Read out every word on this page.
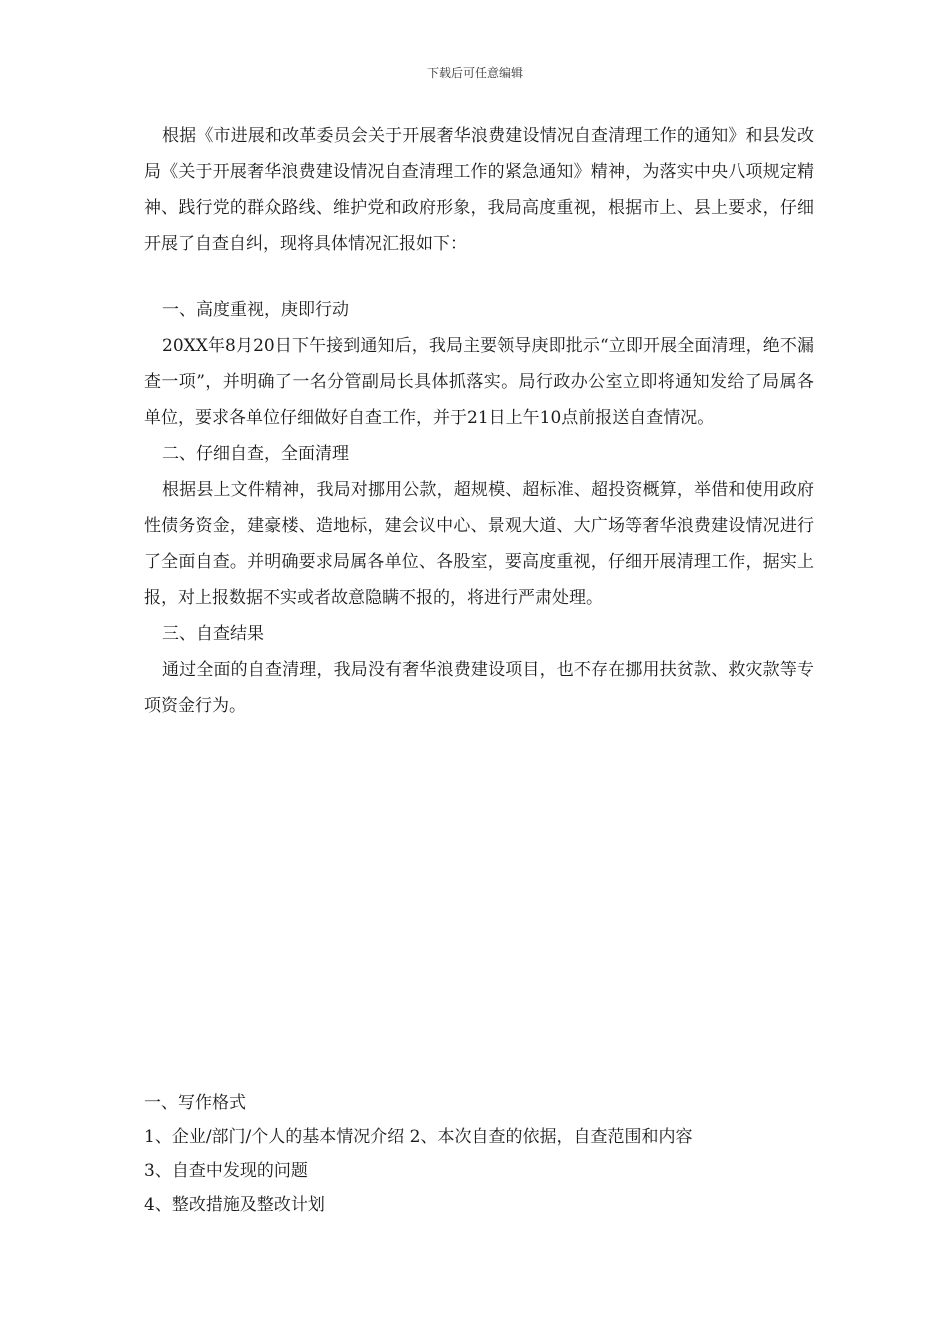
下载后可任意编辑

根据《市进展和改革委员会关于开展奢华浪费建设情况自查清理工作的通知》和县发改局《关于开展奢华浪费建设情况自查清理工作的紧急通知》精神，为落实中央八项规定精神、践行党的群众路线、维护党和政府形象，我局高度重视，根据市上、县上要求，仔细开展了自查自纠，现将具体情况汇报如下：

一、高度重视，庚即行动

20XX年8月20日下午接到通知后，我局主要领导庚即批示“立即开展全面清理，绝不漏查一项”，并明确了一名分管副局长具体抓落实。局行政办公室立即将通知发给了局属各单位，要求各单位仔细做好自查工作，并于21日上午10点前报送自查情况。

二、仔细自查，全面清理

根据县上文件精神，我局对挪用公款，超规模、超标准、超投资概算，举借和使用政府性债务资金，建豪楼、造地标，建会议中心、景观大道、大广场等奢华浪费建设情况进行了全面自查。并明确要求局属各单位、各股室，要高度重视，仔细开展清理工作，据实上报，对上报数据不实或者故意隐瞒不报的，将进行严肃处理。

三、自查结果

通过全面的自查清理，我局没有奢华浪费建设项目，也不存在挪用扶贫款、救灾款等专项资金行为。

一、写作格式

1、企业/部门/个人的基本情况介绍 2、本次自查的依据，自查范围和内容

3、自查中发现的问题

4、整改措施及整改计划
